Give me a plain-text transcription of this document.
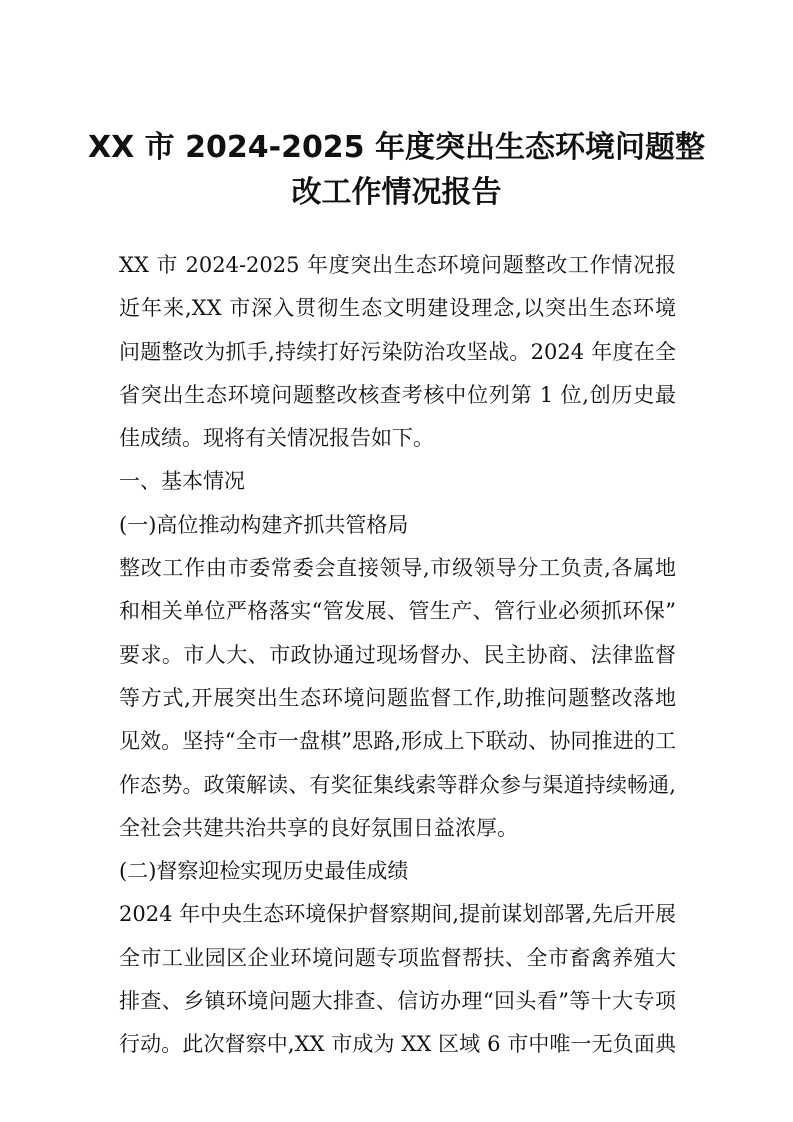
XX 市 2024-2025 年度突出生态环境问题整
改工作情况报告
XX 市 2024-2025 年度突出生态环境问题整改工作情况报
近年来,XX 市深入贯彻生态文明建设理念,以突出生态环境
问题整改为抓手,持续打好污染防治攻坚战。2024 年度在全
省突出生态环境问题整改核查考核中位列第 1 位,创历史最
佳成绩。现将有关情况报告如下。
一、基本情况
(一)高位推动构建齐抓共管格局
整改工作由市委常委会直接领导,市级领导分工负责,各属地
和相关单位严格落实“管发展、管生产、管行业必须抓环保”
要求。市人大、市政协通过现场督办、民主协商、法律监督
等方式,开展突出生态环境问题监督工作,助推问题整改落地
见效。坚持“全市一盘棋”思路,形成上下联动、协同推进的工
作态势。政策解读、有奖征集线索等群众参与渠道持续畅通,
全社会共建共治共享的良好氛围日益浓厚。
(二)督察迎检实现历史最佳成绩
2024 年中央生态环境保护督察期间,提前谋划部署,先后开展
全市工业园区企业环境问题专项监督帮扶、全市畜禽养殖大
排查、乡镇环境问题大排查、信访办理“回头看”等十大专项
行动。此次督察中,XX 市成为 XX 区域 6 市中唯一无负面典
